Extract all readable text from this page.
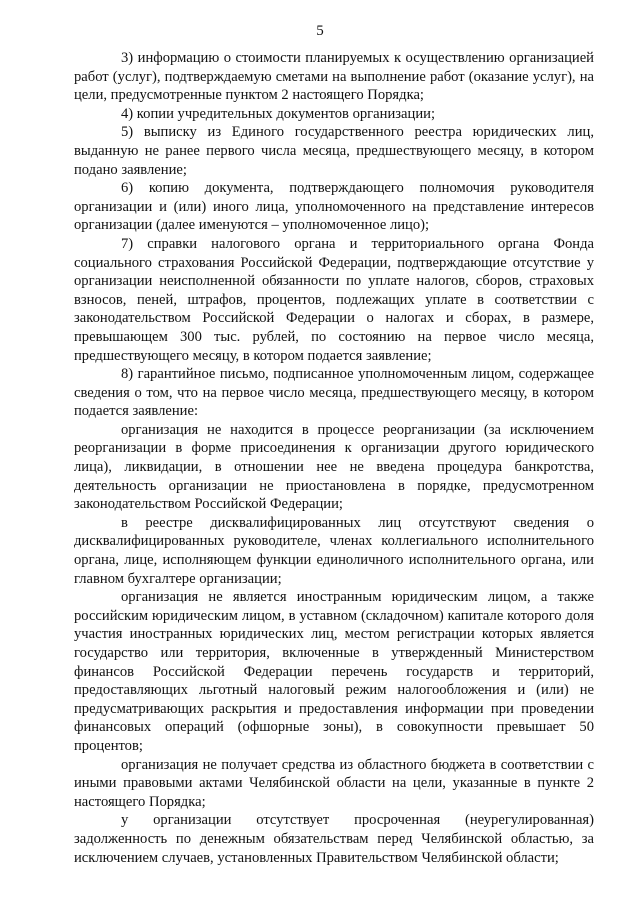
5

3) информацию о стоимости планируемых к осуществлению организацией работ (услуг), подтверждаемую сметами на выполнение работ (оказание услуг), на цели, предусмотренные пунктом 2 настоящего Порядка;

4) копии учредительных документов организации;

5) выписку из Единого государственного реестра юридических лиц, выданную не ранее первого числа месяца, предшествующего месяцу, в котором подано заявление;

6) копию документа, подтверждающего полномочия руководителя организации и (или) иного лица, уполномоченного на представление интересов организации (далее именуются – уполномоченное лицо);

7) справки налогового органа и территориального органа Фонда социального страхования Российской Федерации, подтверждающие отсутствие у организации неисполненной обязанности по уплате налогов, сборов, страховых взносов, пеней, штрафов, процентов, подлежащих уплате в соответствии с законодательством Российской Федерации о налогах и сборах, в размере, превышающем 300 тыс. рублей, по состоянию на первое число месяца, предшествующего месяцу, в котором подается заявление;

8) гарантийное письмо, подписанное уполномоченным лицом, содержащее сведения о том, что на первое число месяца, предшествующего месяцу, в котором подается заявление:

организация не находится в процессе реорганизации (за исключением реорганизации в форме присоединения к организации другого юридического лица), ликвидации, в отношении нее не введена процедура банкротства, деятельность организации не приостановлена в порядке, предусмотренном законодательством Российской Федерации;

в реестре дисквалифицированных лиц отсутствуют сведения о дисквалифицированных руководителе, членах коллегиального исполнительного органа, лице, исполняющем функции единоличного исполнительного органа, или главном бухгалтере организации;

организация не является иностранным юридическим лицом, а также российским юридическим лицом, в уставном (складочном) капитале которого доля участия иностранных юридических лиц, местом регистрации которых является государство или территория, включенные в утвержденный Министерством финансов Российской Федерации перечень государств и территорий, предоставляющих льготный налоговый режим налогообложения и (или) не предусматривающих раскрытия и предоставления информации при проведении финансовых операций (офшорные зоны), в совокупности превышает 50 процентов;

организация не получает средства из областного бюджета в соответствии с иными правовыми актами Челябинской области на цели, указанные в пункте 2 настоящего Порядка;

у организации отсутствует просроченная (неурегулированная) задолженность по денежным обязательствам перед Челябинской областью, за исключением случаев, установленных Правительством Челябинской области;
